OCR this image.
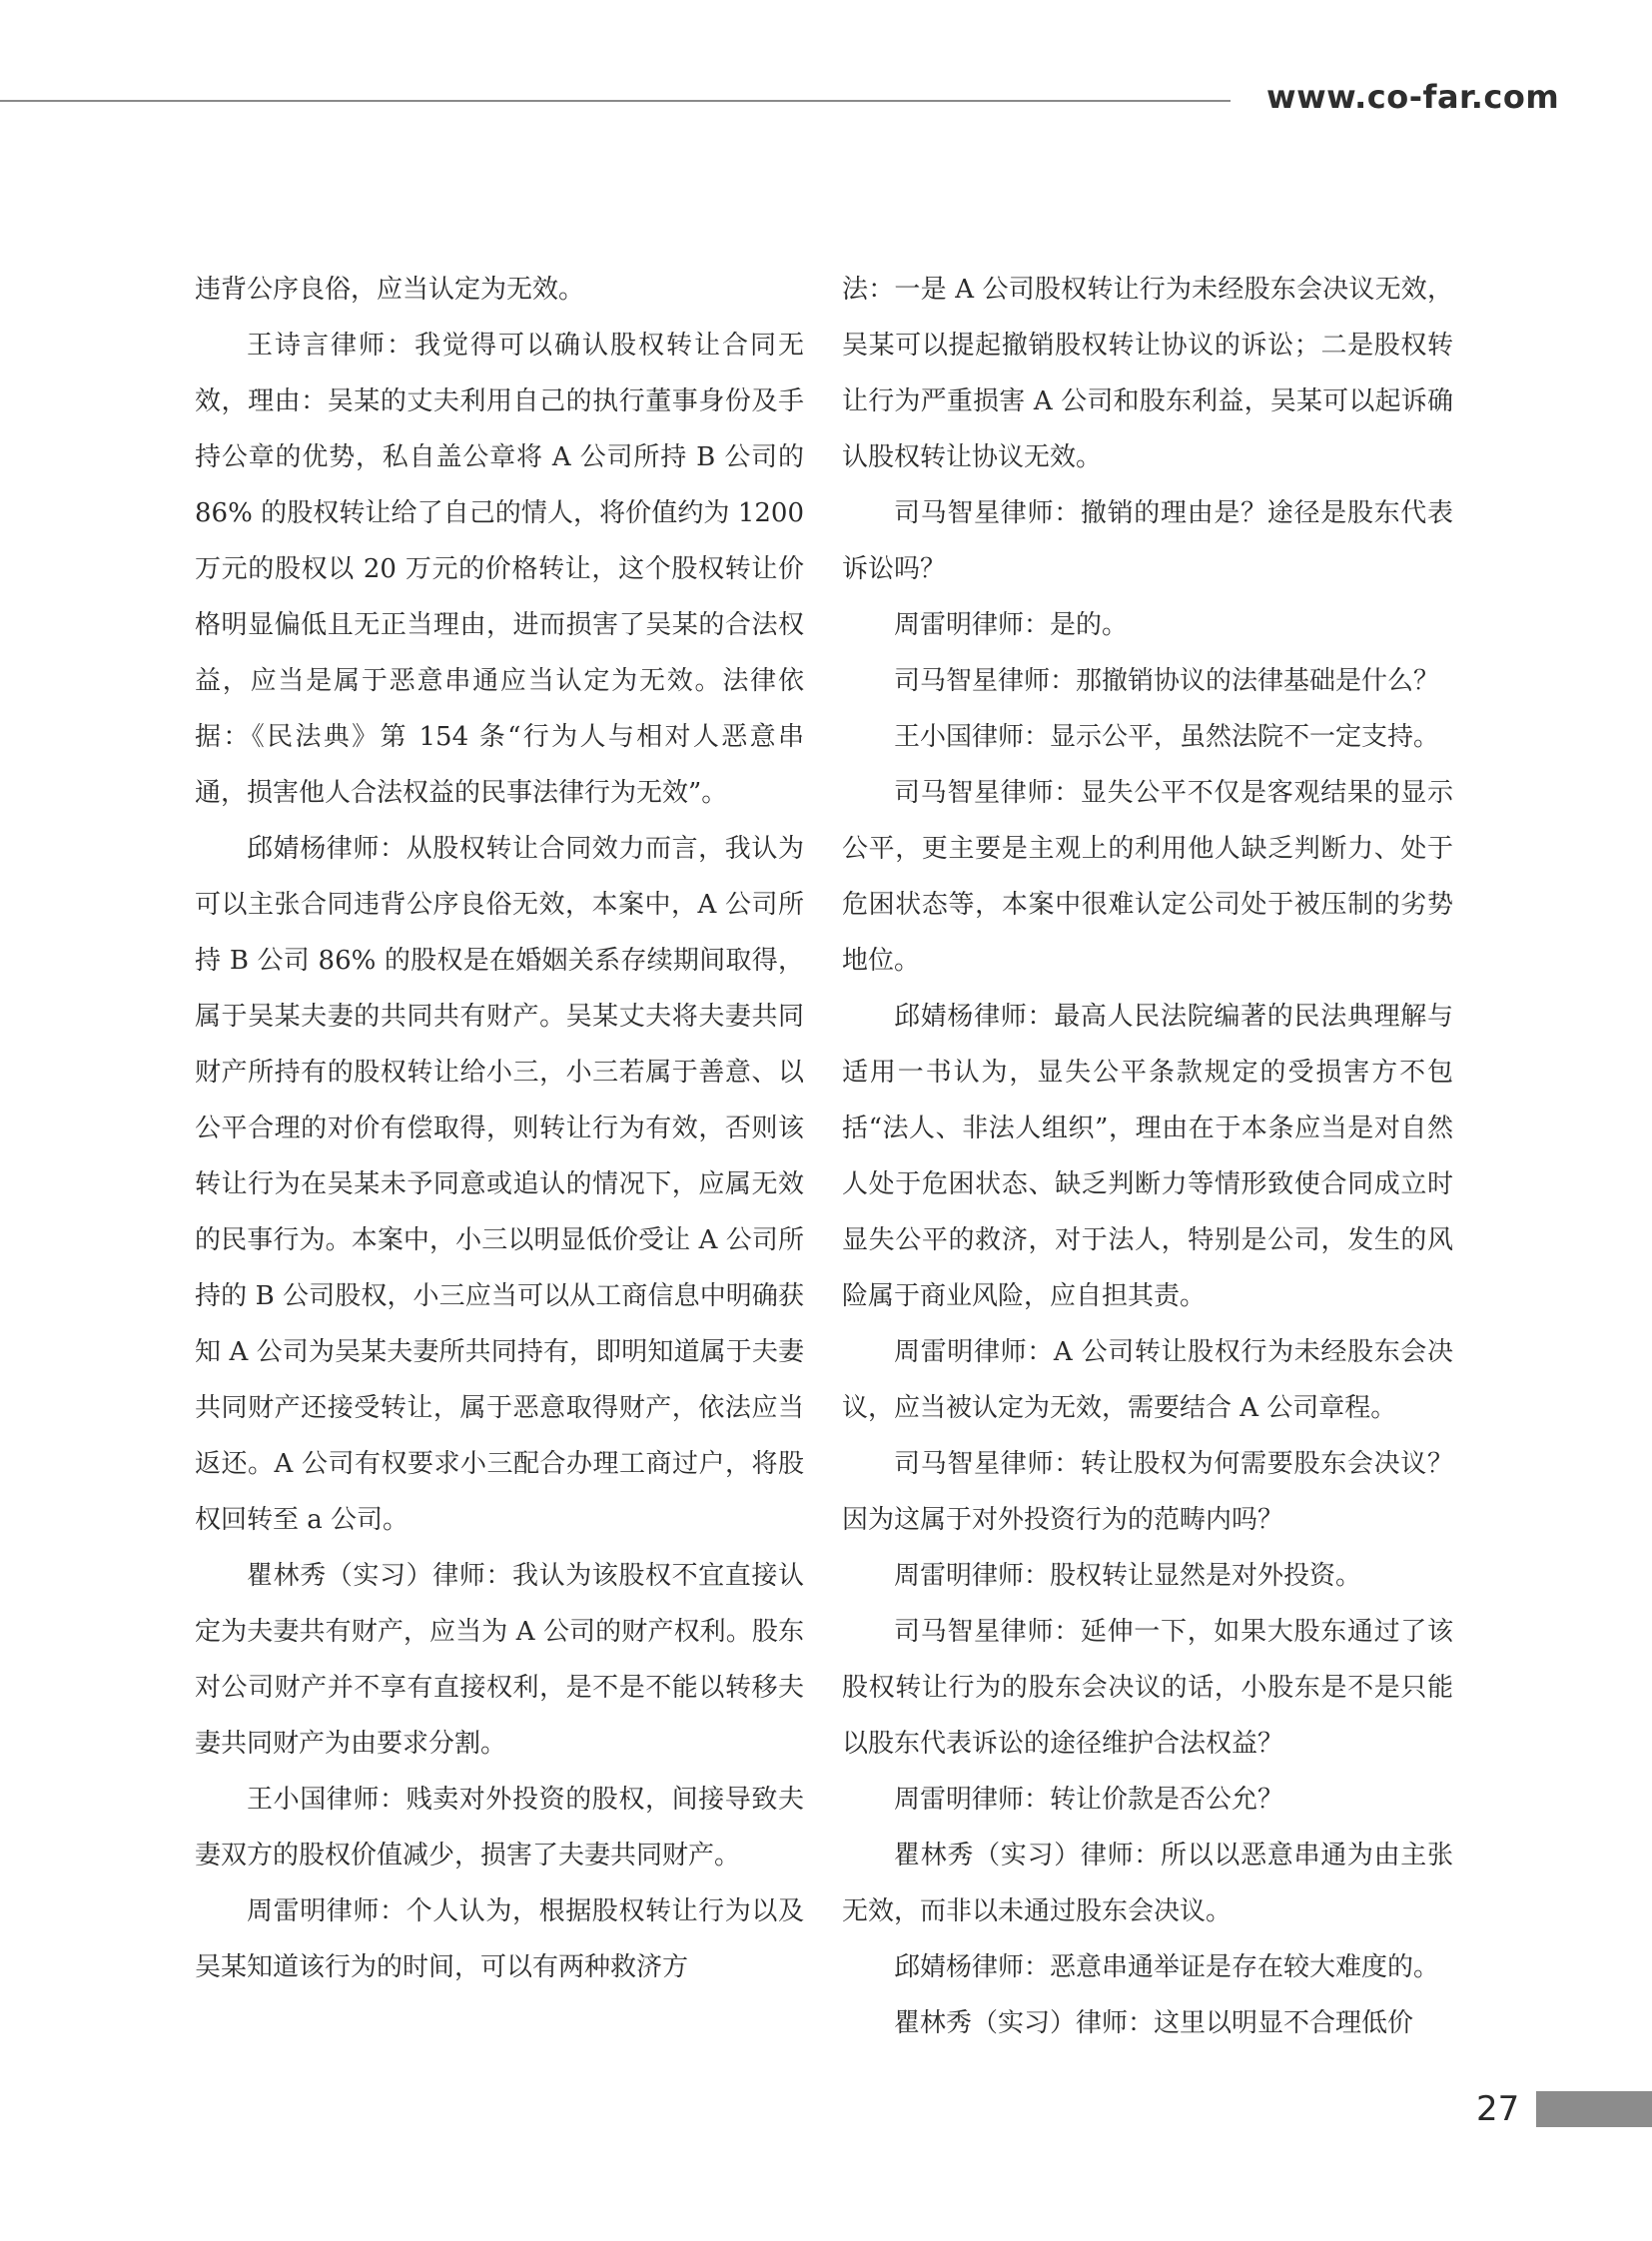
www.co-far.com

违背公序良俗，应当认定为无效。

王诗言律师：我觉得可以确认股权转让合同无效，理由：吴某的丈夫利用自己的执行董事身份及手持公章的优势，私自盖公章将 A 公司所持 B 公司的 86% 的股权转让给了自己的情人，将价值约为 1200 万元的股权以 20 万元的价格转让，这个股权转让价格明显偏低且无正当理由，进而损害了吴某的合法权益，应当是属于恶意串通应当认定为无效。法律依据：《民法典》第 154 条“行为人与相对人恶意串通，损害他人合法权益的民事法律行为无效”。

邱婧杨律师：从股权转让合同效力而言，我认为可以主张合同违背公序良俗无效，本案中，A 公司所持 B 公司 86% 的股权是在婚姻关系存续期间取得，属于吴某夫妻的共同共有财产。吴某丈夫将夫妻共同财产所持有的股权转让给小三，小三若属于善意、以公平合理的对价有偿取得，则转让行为有效，否则该转让行为在吴某未予同意或追认的情况下，应属无效的民事行为。本案中，小三以明显低价受让 A 公司所持的 B 公司股权，小三应当可以从工商信息中明确获知 A 公司为吴某夫妻所共同持有，即明知道属于夫妻共同财产还接受转让，属于恶意取得财产，依法应当返还。A 公司有权要求小三配合办理工商过户，将股权回转至 a 公司。

瞿林秀（实习）律师：我认为该股权不宜直接认定为夫妻共有财产，应当为 A 公司的财产权利。股东对公司财产并不享有直接权利，是不是不能以转移夫妻共同财产为由要求分割。

王小国律师：贱卖对外投资的股权，间接导致夫妻双方的股权价值减少，损害了夫妻共同财产。

周雷明律师：个人认为，根据股权转让行为以及吴某知道该行为的时间，可以有两种救济方

法：一是 A 公司股权转让行为未经股东会决议无效，吴某可以提起撤销股权转让协议的诉讼；二是股权转让行为严重损害 A 公司和股东利益，吴某可以起诉确认股权转让协议无效。

司马智星律师：撤销的理由是？途径是股东代表诉讼吗？

周雷明律师：是的。

司马智星律师：那撤销协议的法律基础是什么？

王小国律师：显示公平，虽然法院不一定支持。

司马智星律师：显失公平不仅是客观结果的显示公平，更主要是主观上的利用他人缺乏判断力、处于危困状态等，本案中很难认定公司处于被压制的劣势地位。

邱婧杨律师：最高人民法院编著的民法典理解与适用一书认为，显失公平条款规定的受损害方不包括“法人、非法人组织”，理由在于本条应当是对自然人处于危困状态、缺乏判断力等情形致使合同成立时显失公平的救济，对于法人，特别是公司，发生的风险属于商业风险，应自担其责。

周雷明律师：A 公司转让股权行为未经股东会决议，应当被认定为无效，需要结合 A 公司章程。

司马智星律师：转让股权为何需要股东会决议？因为这属于对外投资行为的范畴内吗？

周雷明律师：股权转让显然是对外投资。

司马智星律师：延伸一下，如果大股东通过了该股权转让行为的股东会决议的话，小股东是不是只能以股东代表诉讼的途径维护合法权益？

周雷明律师：转让价款是否公允？

瞿林秀（实习）律师：所以以恶意串通为由主张无效，而非以未通过股东会决议。

邱婧杨律师：恶意串通举证是存在较大难度的。

瞿林秀（实习）律师：这里以明显不合理低价

27
